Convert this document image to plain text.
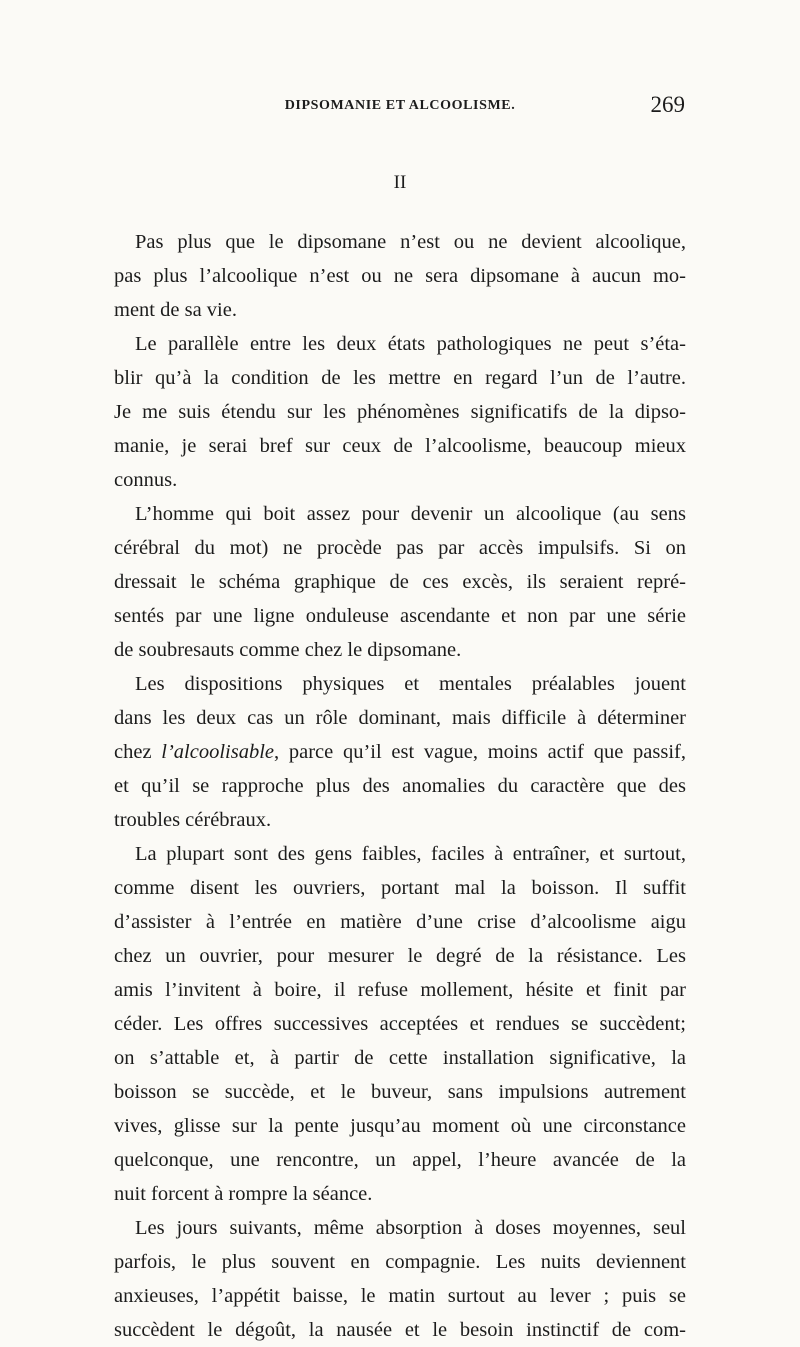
DIPSOMANIE ET ALCOOLISME.	269
II
Pas plus que le dipsomane n’est ou ne devient alcoolique,
pas plus l’alcoolique n’est ou ne sera dipsomane à aucun mo-
ment de sa vie.
Le parallèle entre les deux états pathologiques ne peut s’éta-
blir qu’à la condition de les mettre en regard l’un de l’autre.
Je me suis étendu sur les phénomènes significatifs de la dipso-
manie, je serai bref sur ceux de l’alcoolisme, beaucoup mieux
connus.
L’homme qui boit assez pour devenir un alcoolique (au sens
cérébral du mot) ne procède pas par accès impulsifs. Si on
dressait le schéma graphique de ces excès, ils seraient repré-
sentés par une ligne onduleuse ascendante et non par une série
de soubresauts comme chez le dipsomane.
Les dispositions physiques et mentales préalables jouent
dans les deux cas un rôle dominant, mais difficile à déterminer
chez l’alcoolisable, parce qu’il est vague, moins actif que passif,
et qu’il se rapproche plus des anomalies du caractère que des
troubles cérébraux.
La plupart sont des gens faibles, faciles à entraîner, et surtout,
comme disent les ouvriers, portant mal la boisson. Il suffit
d’assister à l’entrée en matière d’une crise d’alcoolisme aigu
chez un ouvrier, pour mesurer le degré de la résistance. Les
amis l’invitent à boire, il refuse mollement, hésite et finit par
céder. Les offres successives acceptées et rendues se succèdent;
on s’attable et, à partir de cette installation significative, la
boisson se succède, et le buveur, sans impulsions autrement
vives, glisse sur la pente jusqu’au moment où une circonstance
quelconque, une rencontre, un appel, l’heure avancée de la
nuit forcent à rompre la séance.
Les jours suivants, même absorption à doses moyennes, seul
parfois, le plus souvent en compagnie. Les nuits deviennent
anxieuses, l’appétit baisse, le matin surtout au lever ; puis se
succèdent le dégoût, la nausée et le besoin instinctif de com-
